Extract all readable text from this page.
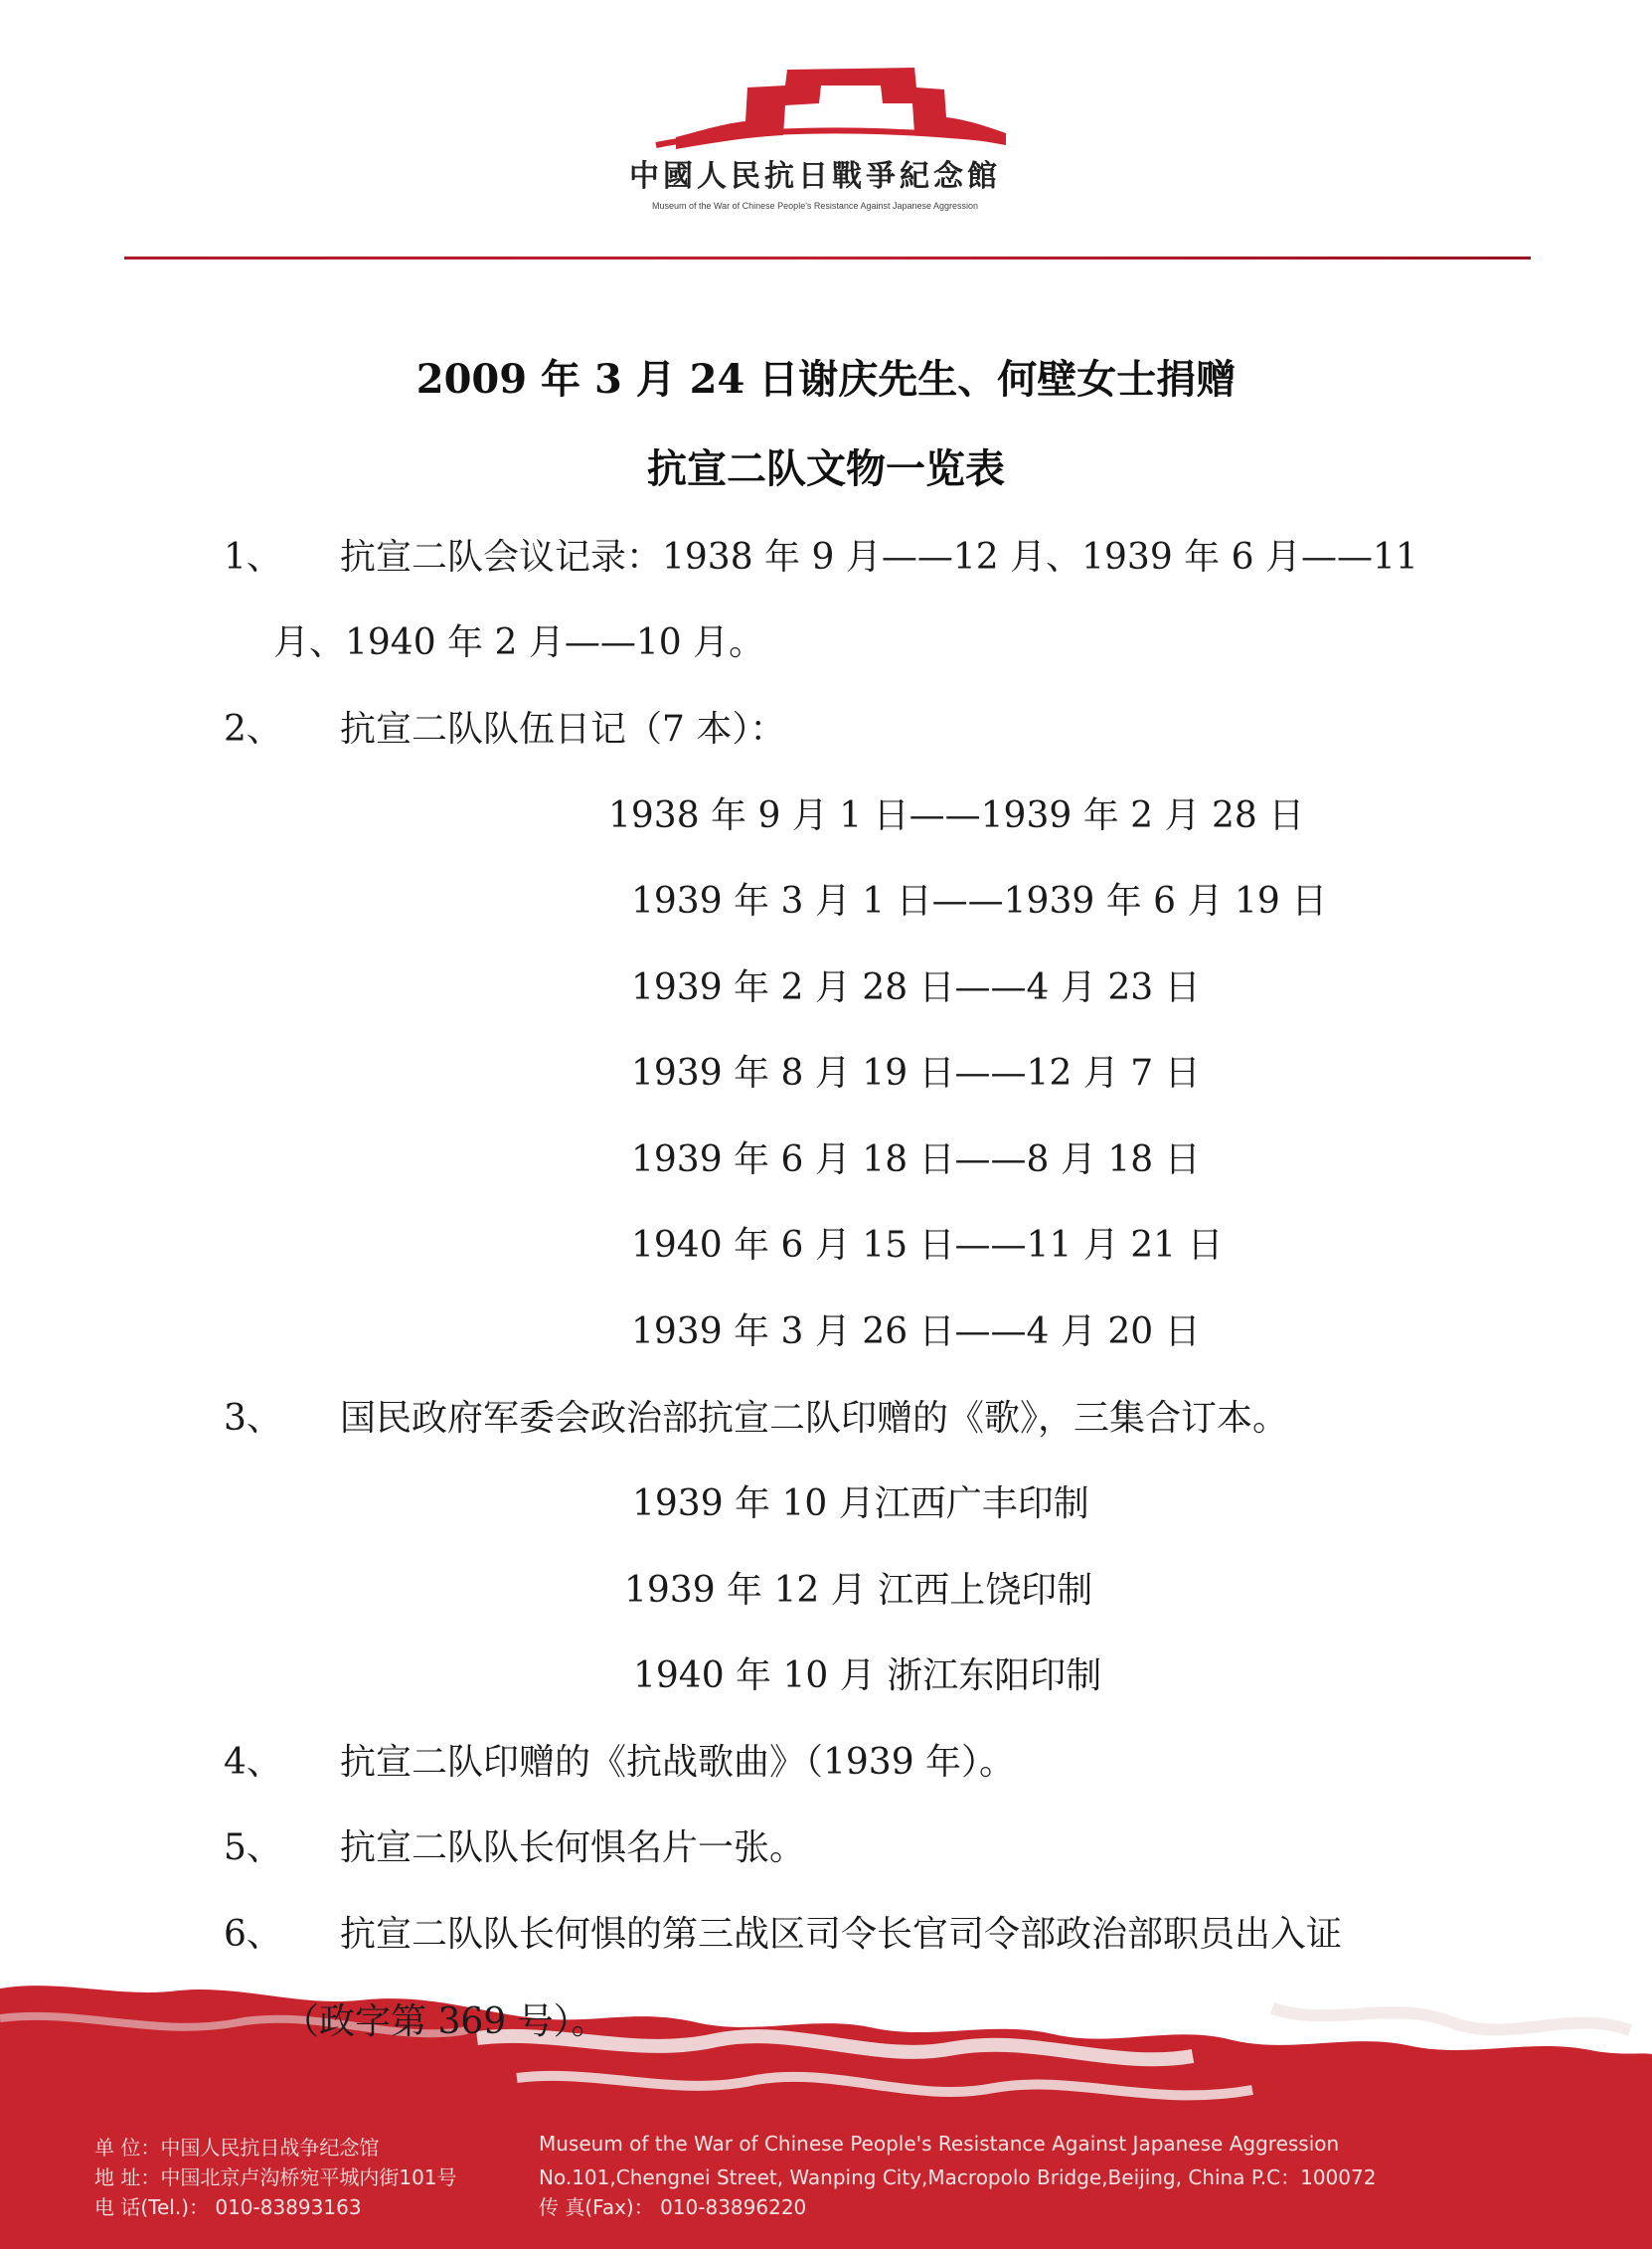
中國人民抗日戰爭紀念館
Museum of the War of Chinese People's Resistance Against Japanese Aggression
2009 年 3 月 24 日谢庆先生、何壁女士捐赠
抗宣二队文物一览表
1、 抗宣二队会议记录：1938 年 9 月——12 月、1939 年 6 月——11
月、1940 年 2 月——10 月。
2、 抗宣二队队伍日记（7 本）：
1938 年 9 月 1 日——1939 年 2 月 28 日
1939 年 3 月 1 日——1939 年 6 月 19 日
1939 年 2 月 28 日——4 月 23 日
1939 年 8 月 19 日——12 月 7 日
1939 年 6 月 18 日——8 月 18 日
1940 年 6 月 15 日——11 月 21 日
1939 年 3 月 26 日——4 月 20 日
3、 国民政府军委会政治部抗宣二队印赠的《歌》，三集合订本。
1939 年 10 月江西广丰印制
1939 年 12 月 江西上饶印制
1940 年 10 月 浙江东阳印制
4、 抗宣二队印赠的《抗战歌曲》（1939 年）。
5、 抗宣二队队长何惧名片一张。
6、 抗宣二队队长何惧的第三战区司令长官司令部政治部职员出入证
（政字第 369 号）。
单 位：中国人民抗日战争纪念馆
地 址：中国北京卢沟桥宛平城内街101号
电 话(Tel.)： 010-83893163
Museum of the War of Chinese People's Resistance Against Japanese Aggression
No.101,Chengnei Street, Wanping City,Macropolo Bridge,Beijing, China P.C：100072
传 真(Fax)： 010-83896220
